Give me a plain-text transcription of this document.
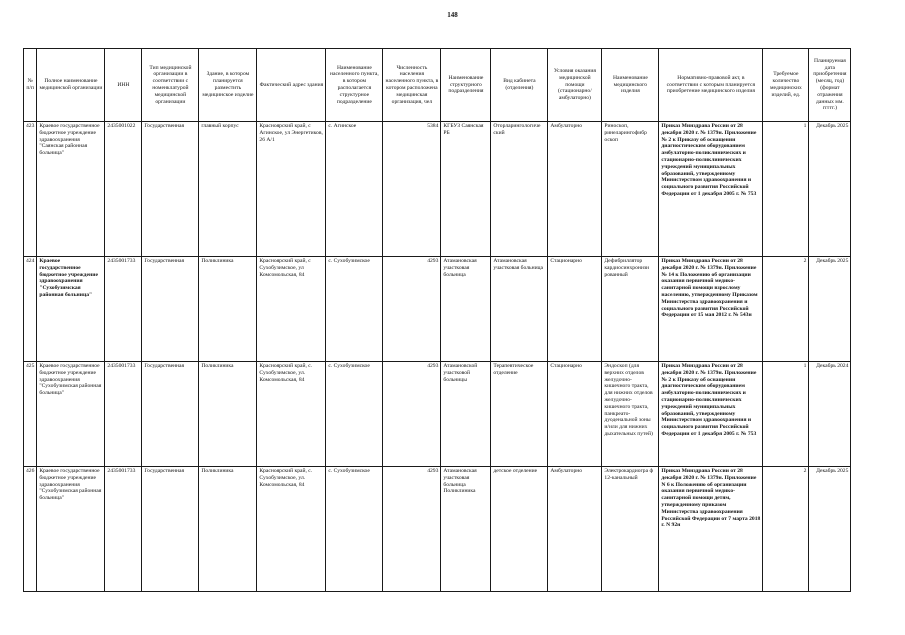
148
№ п/п	Полное наименование медицинской организации	ИНН	Тип медицинской организации в соответствии с номенклатурой медицинской организации	Здание, в котором планируется разместить медицинское изделие	Фактический адрес здания	Наименование населенного пункта, в котором располагается структурное подразделение	Численность населения населенного пункта, в котором расположена медицинская организация, чел	Наименование структурного подразделения	Вид кабинета (отделения)	Условия оказания медицинской помощи (стационарно/амбулаторно)	Наименование медицинского изделия	Нормативно-правовой акт, в соответствии с которым планируется приобретение медицинского изделия	Требуемое количество медицинских изделий, ед.	Планируемая дата приобретения (месяц, год) (формат отражения данных мм. ггггг.)
423	Краевое государственное бюджетное учреждение здравоохранения "Саянская районная больница"	2435001022	Государственная	главный корпус	Красноярский край, с Агинское, ул Энергетиков, 26 А/1	с. Агинское	5384	КГБУЗ Саянская РБ	Оторларингологиче ский	Амбулаторно	Риноскоп, ринеларингофибр оскоп	Приказ Минздрава России от 28 декабря 2020 г. № 1379н. Приложение № 2 к Приказу об оснащении диагностическим оборудованием амбулаторно-поликлинических и стационарно-поликлинических учреждений муниципальных образований, утвержденному Министерством здравоохранения и социального развития Российской Федерации от 1 декабря 2005 г. № 753	1	Декабрь 2025
424	Краевое государственное бюджетное учреждение здравоохранения "Сухобузимская районная больница"	2435001733	Государственная	Поликлиника	Красноярский край, с Сухобузимское, ул Комсомольская, 84	с. Сухобузимское	4293	Атаманoвская участковая больница	Атаманoвская участковая больница	Стационарно	Дефибриллятор кардиосинхронизи рованный	Приказ Минздрава России от 28 декабря 2020 г. № 1379н. Приложение № 14 к Положению об организации оказания первичной медико-санитарной помощи взрослому населению, утвержденному Приказом Министерства здравоохранения и социального развития Российской Федерации от 15 мая 2012 г. № 543н	2	Декабрь 2025
425	Краевое государственное бюджетное учреждение здравоохранения "Сухобузимская районная больница"	2435001733	Государственная	Поликлиника	Красноярский край, с. Сухобузимское, ул. Комсомольская, 84	с. Сухобузимское	4293	Атаманoвской участковой больницы	Терапевтическое отделение	Стационарно	Эндоскоп (для верхних отделов желудочно-кишечного тракта, для нижних отделов желудочно-кишечного тракта, панкреато-дуоденальной зоны и/или для нижних дыхательных путей)	Приказ Минздрава России от 28 декабря 2020 г. № 1379н. Приложение № 2 к Приказу об оснащении диагностическим оборудованием амбулаторно-поликлинических и стационарно-поликлинических учреждений муниципальных образований, утвержденному Министерством здравоохранения и социального развития Российской Федерации от 1 декабря 2005 г. № 753	1	Декабрь 2024
426	Краевое государственное бюджетное учреждение здравоохранения "Сухобузимская районная больница"	2435001733	Государственная	Поликлиника	Красноярский край, с. Сухобузимское, ул. Комсомольская, 84	с. Сухобузимское	4293	Атаманoвская участковая больница Поликлиника	детское отделение	Амбулаторно	Электрокардиогра ф 12-канальный	Приказ Минздрава России от 28 декабря 2020 г. № 1379н. Приложение N 6 к Положению об организации оказания первичной медико-санитарной помощи детям, утвержденному приказом Министерства здравоохранения Российской Федерации от 7 марта 2018 г. N 92н	2	Декабрь 2025
